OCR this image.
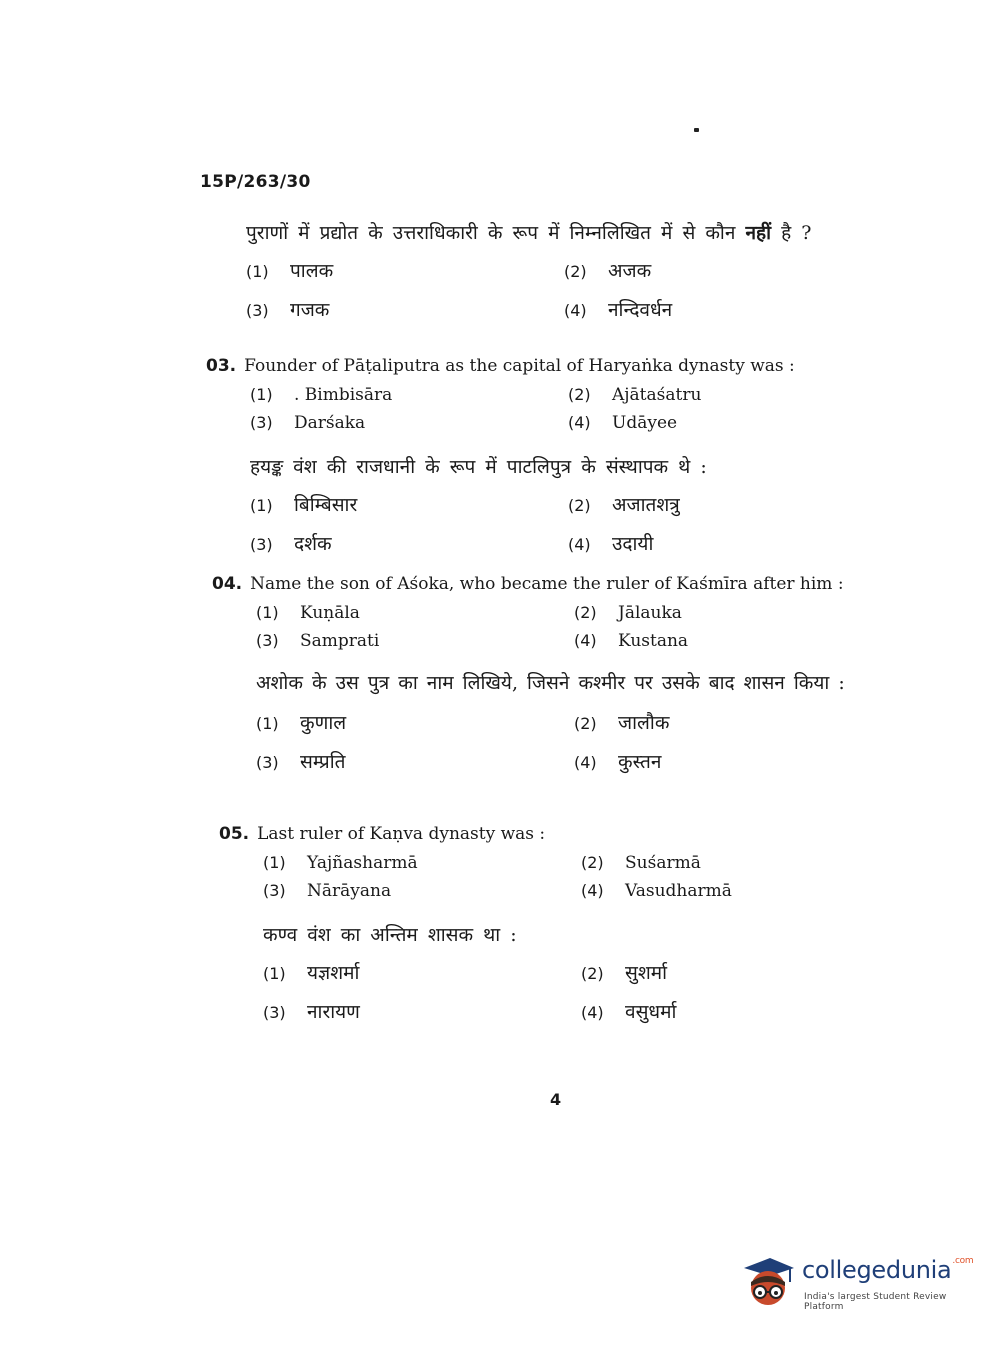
15P/263/30
पुराणों में प्रद्योत के उत्तराधिकारी के रूप में निम्नलिखित में से कौन नहीं है ?
(1) पालक	(2) अजक
(3) गजक	(4) नन्दिवर्धन
03. Founder of Pāṭaliputra as the capital of Haryaṅka dynasty was :
(1) . Bimbisāra	(2) Ajātaśatru
(3) Darśaka	(4) Udāyee
हयङ्क वंश की राजधानी के रूप में पाटलिपुत्र के संस्थापक थे :
(1) बिम्बिसार	(2) अजातशत्रु
(3) दर्शक	(4) उदायी
04. Name the son of Aśoka, who became the ruler of Kaśmīra after him :
(1) Kuṇāla	(2) Jālauka
(3) Samprati	(4) Kustana
अशोक के उस पुत्र का नाम लिखिये, जिसने कश्मीर पर उसके बाद शासन किया :
(1) कुणाल	(2) जालौक
(3) सम्प्रति	(4) कुस्तन
05. Last ruler of Kaṇva dynasty was :
(1) Yajñasharmā	(2) Suśarmā
(3) Nārāyana	(4) Vasudharmā
कण्व वंश का अन्तिम शासक था :
(1) यज्ञशर्मा	(2) सुशर्मा
(3) नारायण	(4) वसुधर्मा
4
collegedunia$^{.com}$
India's largest Student Review Platform
